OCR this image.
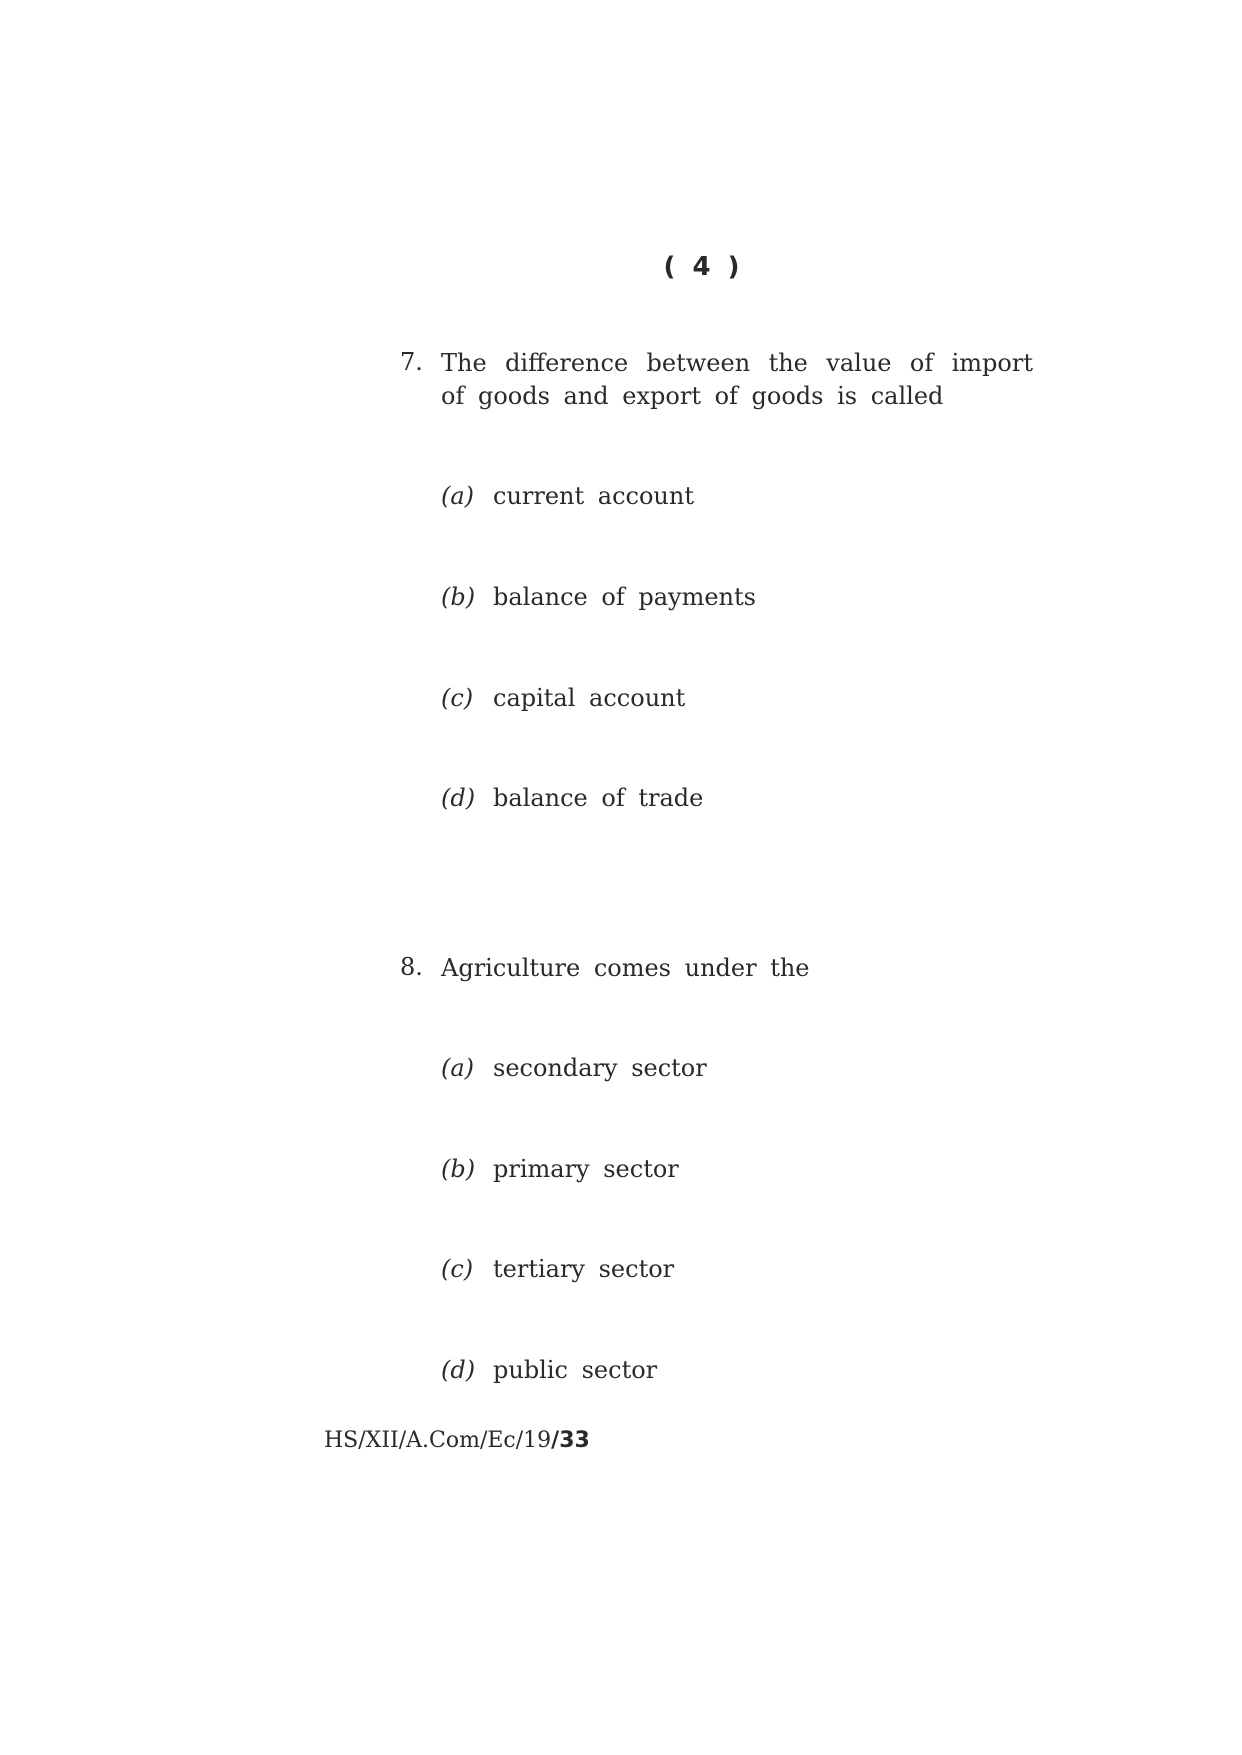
( 4 )
7. The difference between the value of import of goods and export of goods is called
(a) current account
(b) balance of payments
(c) capital account
(d) balance of trade
8. Agriculture comes under the
(a) secondary sector
(b) primary sector
(c) tertiary sector
(d) public sector
HS/XII/A.Com/Ec/19/33
